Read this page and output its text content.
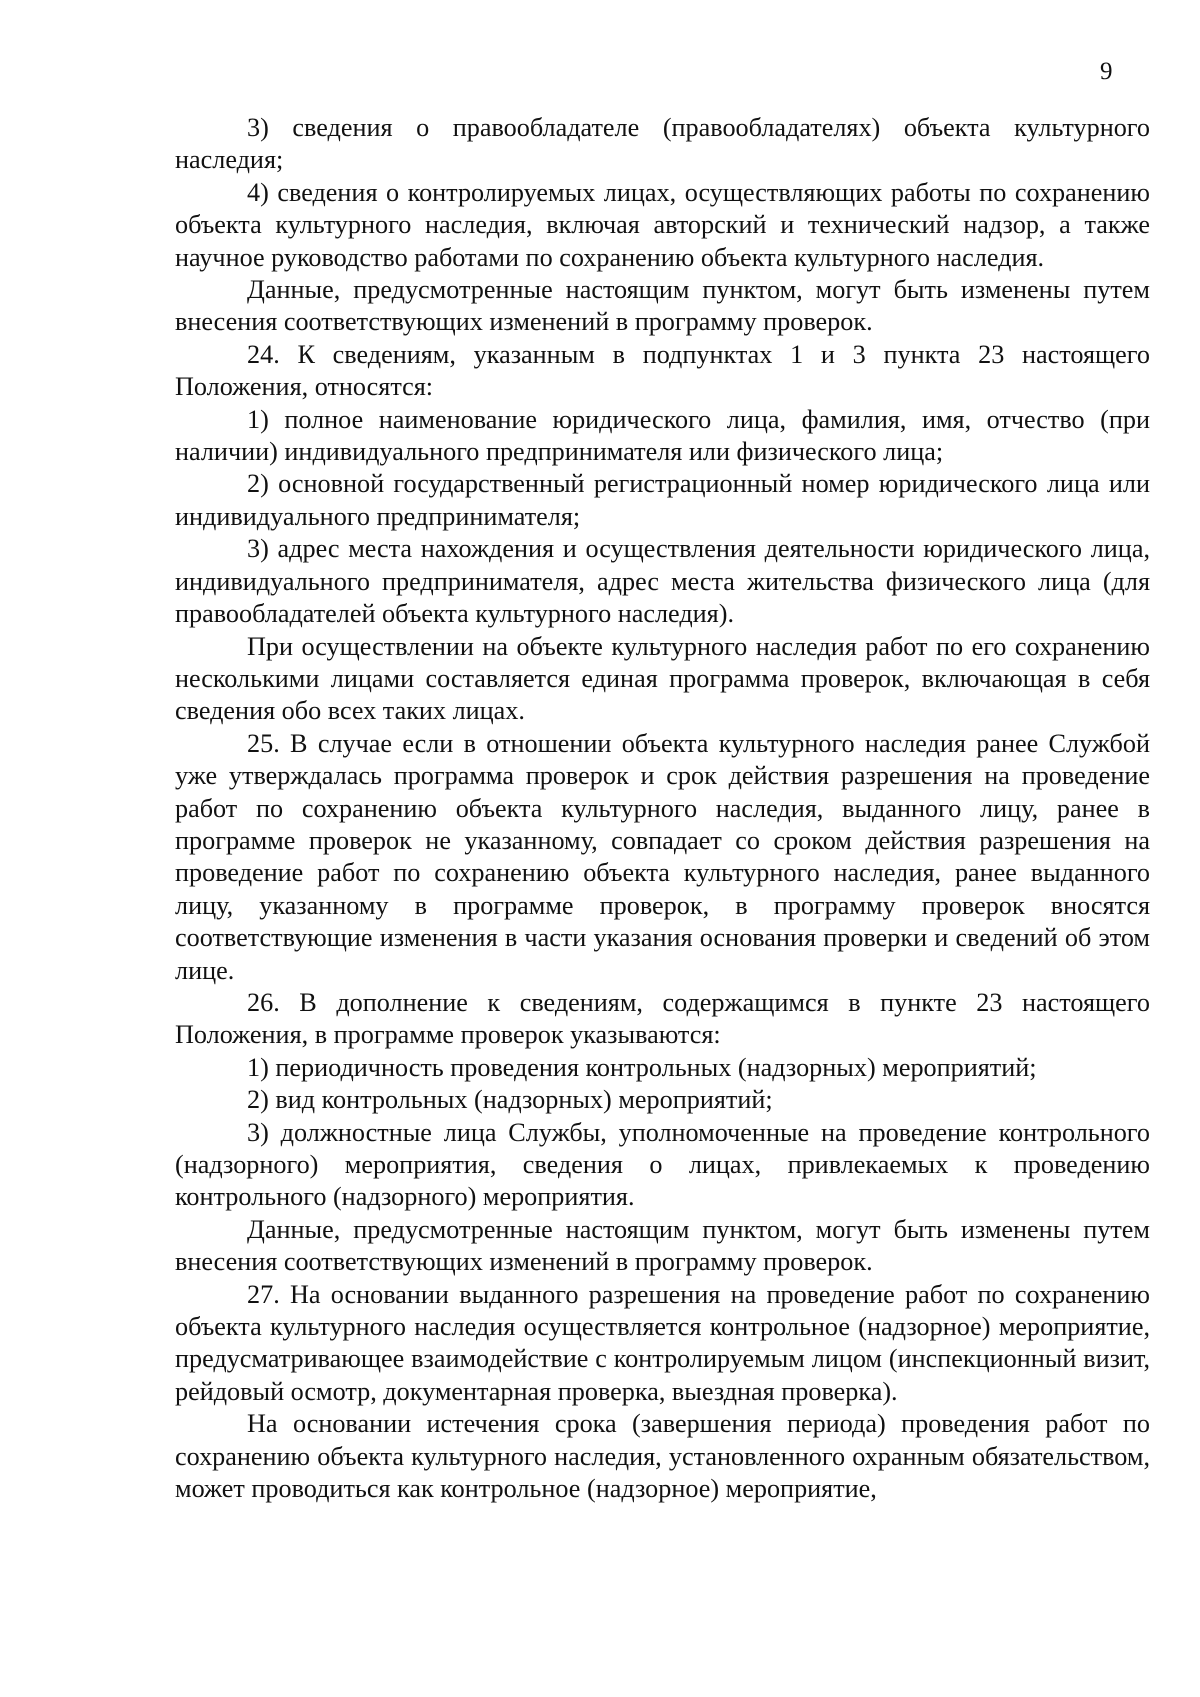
9

3) сведения о правообладателе (правообладателях) объекта культурного наследия;

4) сведения о контролируемых лицах, осуществляющих работы по сохранению объекта культурного наследия, включая авторский и технический надзор, а также научное руководство работами по сохранению объекта культурного наследия.

Данные, предусмотренные настоящим пунктом, могут быть изменены путем внесения соответствующих изменений в программу проверок.

24. К сведениям, указанным в подпунктах 1 и 3 пункта 23 настоящего Положения, относятся:

1) полное наименование юридического лица, фамилия, имя, отчество (при наличии) индивидуального предпринимателя или физического лица;

2) основной государственный регистрационный номер юридического лица или индивидуального предпринимателя;

3) адрес места нахождения и осуществления деятельности юридического лица, индивидуального предпринимателя, адрес места жительства физического лица (для правообладателей объекта культурного наследия).

При осуществлении на объекте культурного наследия работ по его сохранению несколькими лицами составляется единая программа проверок, включающая в себя сведения обо всех таких лицах.

25. В случае если в отношении объекта культурного наследия ранее Службой уже утверждалась программа проверок и срок действия разрешения на проведение работ по сохранению объекта культурного наследия, выданного лицу, ранее в программе проверок не указанному, совпадает со сроком действия разрешения на проведение работ по сохранению объекта культурного наследия, ранее выданного лицу, указанному в программе проверок, в программу проверок вносятся соответствующие изменения в части указания основания проверки и сведений об этом лице.

26. В дополнение к сведениям, содержащимся в пункте 23 настоящего Положения, в программе проверок указываются:

1) периодичность проведения контрольных (надзорных) мероприятий;

2) вид контрольных (надзорных) мероприятий;

3) должностные лица Службы, уполномоченные на проведение контрольного (надзорного) мероприятия, сведения о лицах, привлекаемых к проведению контрольного (надзорного) мероприятия.

Данные, предусмотренные настоящим пунктом, могут быть изменены путем внесения соответствующих изменений в программу проверок.

27. На основании выданного разрешения на проведение работ по сохранению объекта культурного наследия осуществляется контрольное (надзорное) мероприятие, предусматривающее взаимодействие с контролируемым лицом (инспекционный визит, рейдовый осмотр, документарная проверка, выездная проверка).

На основании истечения срока (завершения периода) проведения работ по сохранению объекта культурного наследия, установленного охранным обязательством, может проводиться как контрольное (надзорное) мероприятие,
